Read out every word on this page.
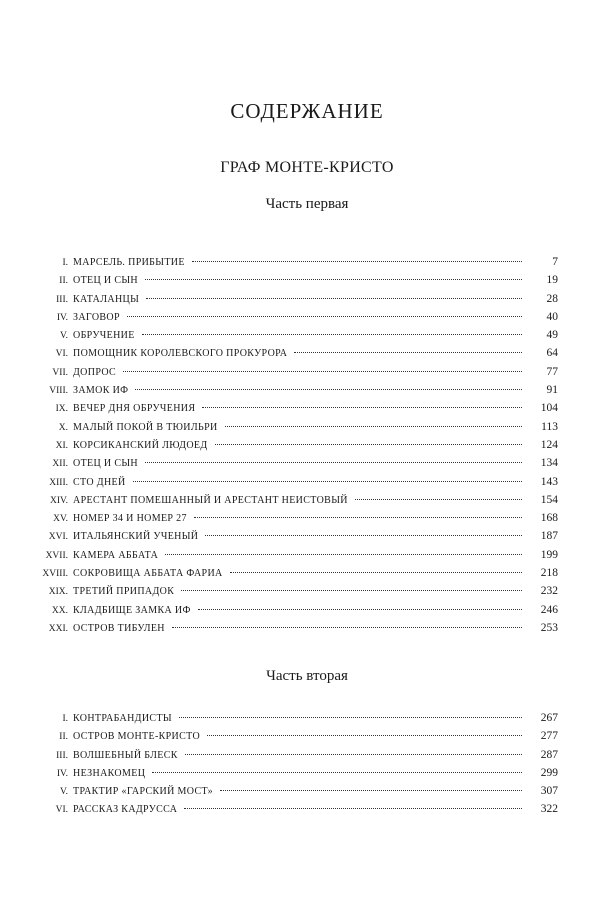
СОДЕРЖАНИЕ
ГРАФ МОНТЕ-КРИСТО
Часть первая
I. МАРСЕЛЬ. ПРИБЫТИЕ	7
II. ОТЕЦ И СЫН	19
III. КАТАЛАНЦЫ	28
IV. ЗАГОВОР	40
V. ОБРУЧЕНИЕ	49
VI. ПОМОЩНИК КОРОЛЕВСКОГО ПРОКУРОРА	64
VII. ДОПРОС	77
VIII. ЗАМОК ИФ	91
IX. ВЕЧЕР ДНЯ ОБРУЧЕНИЯ	104
X. МАЛЫЙ ПОКОЙ В ТЮИЛЬРИ	113
XI. КОРСИКАНСКИЙ ЛЮДОЕД	124
XII. ОТЕЦ И СЫН	134
XIII. СТО ДНЕЙ	143
XIV. АРЕСТАНТ ПОМЕШАННЫЙ И АРЕСТАНТ НЕИСТОВЫЙ	154
XV. НОМЕР 34 И НОМЕР 27	168
XVI. ИТАЛЬЯНСКИЙ УЧЕНЫЙ	187
XVII. КАМЕРА АББАТА	199
XVIII. СОКРОВИЩА АББАТА ФАРИА	218
XIX. ТРЕТИЙ ПРИПАДОК	232
XX. КЛАДБИЩЕ ЗАМКА ИФ	246
XXI. ОСТРОВ ТИБУЛЕН	253
Часть вторая
I. КОНТРАБАНДИСТЫ	267
II. ОСТРОВ МОНТЕ-КРИСТО	277
III. ВОЛШЕБНЫЙ БЛЕСК	287
IV. НЕЗНАКОМЕЦ	299
V. ТРАКТИР «ГАРСКИЙ МОСТ»	307
VI. РАССКАЗ КАДРУССА	322
